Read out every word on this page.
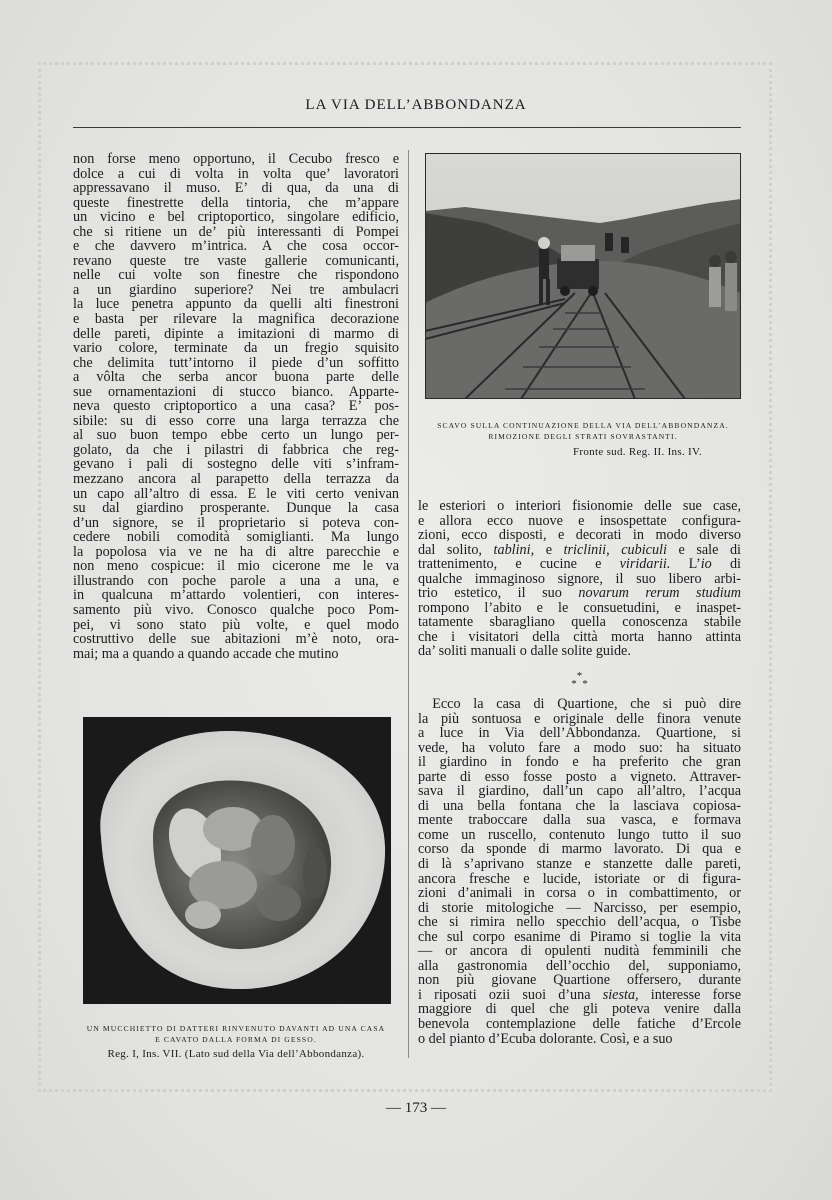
LA VIA DELL’ABBONDANZA

non forse meno opportuno, il Cecubo fresco e

dolce a cui di volta in volta que’ lavoratori

appressavano il muso. E’ di qua, da una di

queste finestrette della tintoria, che m’appare

un vicino e bel criptoportico, singolare edificio,

che si ritiene un de’ più interessanti di Pompei

e che davvero m’intrica. A che cosa occor-

revano queste tre vaste gallerie comunicanti,

nelle cui volte son finestre che rispondono

a un giardino superiore? Nei tre ambulacri

la luce penetra appunto da quelli alti finestroni

e basta per rilevare la magnifica decorazione

delle pareti, dipinte a imitazioni di marmo di

vario colore, terminate da un fregio squisito

che delimita tutt’intorno il piede d’un soffitto

a vôlta che serba ancor buona parte delle

sue ornamentazioni di stucco bianco. Apparte-

neva questo criptoportico a una casa? E’ pos-

sibile: su di esso corre una larga terrazza che

al suo buon tempo ebbe certo un lungo per-

golato, da che i pilastri di fabbrica che reg-

gevano i pali di sostegno delle viti s’infram-

mezzano ancora al parapetto della terrazza da

un capo all’altro di essa. E le viti certo venivan

su dal giardino prosperante. Dunque la casa

d’un signore, se il proprietario si poteva con-

cedere nobili comodità somiglianti. Ma lungo

la popolosa via ve ne ha di altre parecchie e

non meno cospicue: il mio cicerone me le va

illustrando con poche parole a una a una, e

in qualcuna m’attardo volentieri, con interes-

samento più vivo. Conosco qualche poco Pom-

pei, vi sono stato più volte, e quel modo

costruttivo delle sue abitazioni m’è noto, ora-

mai; ma a quando a quando accade che mutino

SCAVO SULLA CONTINUAZIONE DELLA VIA DELL’ABBONDANZA.
RIMOZIONE DEGLI STRATI SOVRASTANTI.
Fronte sud. Reg. II. Ins. IV.

le esteriori o interiori fisionomie delle sue case,

e allora ecco nuove e insospettate configura-

zioni, ecco disposti, e decorati in modo diverso

dal solito, tablini, e triclinii, cubiculi e sale di

trattenimento, e cucine e viridarii. L’io di

qualche immaginoso signore, il suo libero arbi-

trio estetico, il suo novarum rerum studium

rompono l’abito e le consuetudini, e inaspet-

tatamente sbaragliano quella conoscenza stabile

che i visitatori della città morta hanno attinta

da’ soliti manuali o dalle solite guide.

*
* *

 Ecco la casa di Quartione, che si può dire

la più sontuosa e originale delle finora venute

a luce in Via dell’Abbondanza. Quartione, si

vede, ha voluto fare a modo suo: ha situato

il giardino in fondo e ha preferito che gran

parte di esso fosse posto a vigneto. Attraver-

sava il giardino, dall’un capo all’altro, l’acqua

di una bella fontana che la lasciava copiosa-

mente traboccare dalla sua vasca, e formava

come un ruscello, contenuto lungo tutto il suo

corso da sponde di marmo lavorato. Di qua e

di là s’aprivano stanze e stanzette dalle pareti,

ancora fresche e lucide, istoriate or di figura-

zioni d’animali in corsa o in combattimento, or

di storie mitologiche — Narcisso, per esempio,

che si rimira nello specchio dell’acqua, o Tisbe

che sul corpo esanime di Piramo si toglie la vita

— or ancora di opulenti nudità femminili che

alla gastronomia dell’occhio del, supponiamo,

non più giovane Quartione offersero, durante

i riposati ozii suoi d’una siesta, interesse forse

maggiore di quel che gli poteva venire dalla

benevola contemplazione delle fatiche d’Ercole

o del pianto d’Ecuba dolorante. Così, e a suo

UN MUCCHIETTO DI DATTERI RINVENUTO DAVANTI AD UNA CASA
E CAVATO DALLA FORMA DI GESSO.
Reg. I, Ins. VII. (Lato sud della Via dell’Abbondanza).
— 173 —
